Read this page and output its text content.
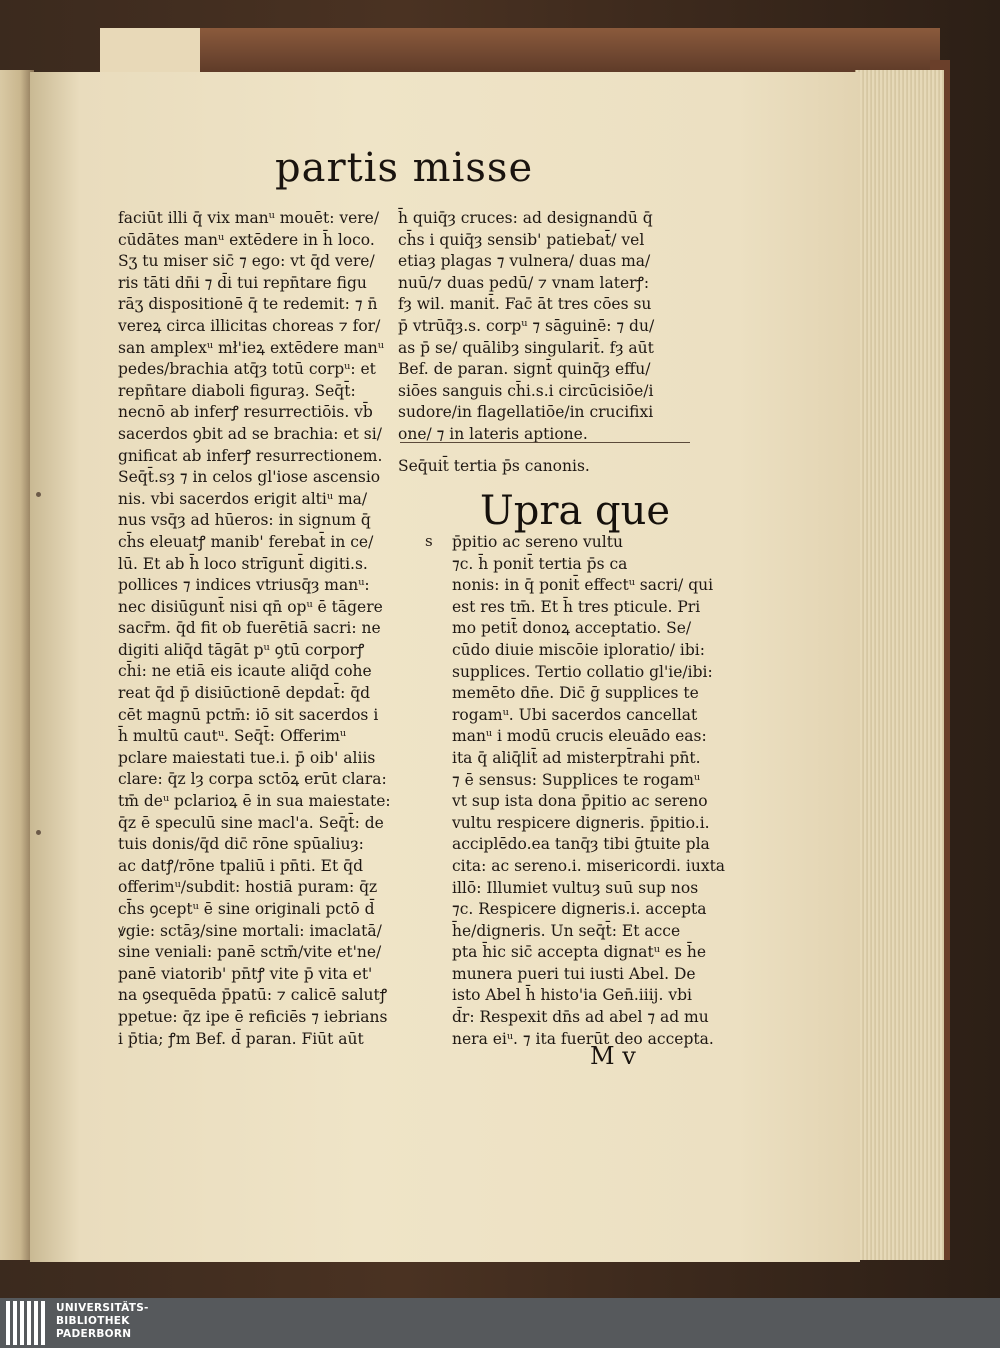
partis misse
faciūt illi q̄ vix manᵘ mouēt: vere/
cūdātes manᵘ extēdere in h̄ loco.
Sʒ tu miser sic̄ ⁊ ego: vt q̄d vere/
ris tāti dn̄i ⁊ d̄i tui repn̄tare figu
rāʒ dispositionē q̄ te redemit: ⁊ n̄
vereꝝ circa illicitas choreas ⁊ for/
san amplexᵘ mł'ieꝝ extēdere manᵘ
pedes/brachia atq̄ȝ totū corpᵘ: et
repn̄tare diaboli figuraȝ. Seq̄t̄:
necnō ab inferꝭ resurrectiōis. vb̄
sacerdos ꝯbit ad se brachia: et si/
gnificat ab inferꝭ resurrectionem.
Seq̄t̄.sȝ ⁊ in celos gl'iose ascensio
nis. vbi sacerdos erigit altiᵘ ma/
nus vsq̄ȝ ad hūeros: in signum q̄
ch̄s eleuatꝭ manib' ferebat̄ in ce/
lū. Et ab h̄ loco strīgunt̄ digiti.s.
pollices ⁊ indices vtriusq̄ȝ manᵘ:
nec disiūgunt̄ nisi qn̄ opᵘ ē tāgere
sacr̄m. q̄d fit ob fuerētiā sacri: ne
digiti aliq̄d tāgāt pᵘ ꝯtū corporꝭ
ch̄i: ne etiā eis icaute aliq̄d cohe
reat q̄d p̄ disiūctionē depdat̄: q̄d
cēt magnū pctm̄: iō sit sacerdos i
h̄ multū cautᵘ. Seq̄t̄: Offerimᵘ
pclare maiestati tue.i. p̄ oib' aliis
clare: q̄z lȝ corpa sctōꝝ erūt clara:
tm̄ deᵘ pclarioꝝ ē in sua maiestate:
q̄z ē speculū sine macl'a. Seq̄t̄: de
tuis donis/q̄d dic̄ rōne spūaliuȝ:
ac datꝭ/rōne tpaliū i pn̄ti. Et q̄d
offerimᵘ/subdit: hostiā puram: q̄z
ch̄s ꝯceptᵘ ē sine originali pctō d̄
ꝟgie: sctāȝ/sine mortali: imaclatā/
sine veniali: panē sctm̄/vite et'ne/
panē viatorib' pn̄tꝭ vite p̄ vita et'
na ꝯsequēda p̄patū: ⁊ calicē salutꝭ
ppetue: q̄z ipe ē reficiēs ⁊ iebrians
i p̄tia; ꝭm Bef. d̄ paran. Fiūt aūt
h̄ quiq̄ȝ cruces: ad designandū q̄
ch̄s i quiq̄ȝ sensib' patiebat̄/ vel
etiaȝ plagas ⁊ vulnera/ duas ma/
nuū/⁊ duas pedū/ ⁊ vnam laterꝭ:
fȝ wil. manit̄. Fac̄ āt tres cōes su
p̄ vtrūq̄ȝ.s. corpᵘ ⁊ sāguinē: ⁊ du/
as p̄ se/ quālibȝ singularit̄. fȝ aūt
Bef. de paran. signt̄ quinq̄ȝ effu/
siōes sanguis ch̄i.s.i circūcisiōe/i
sudore/in flagellatiōe/in crucifixi
one/ ⁊ in lateris aptione.
Seq̄uit̄ tertia p̄s canonis.
Upra que
s p̄pitio ac sereno vultu
⁊c. h̄ ponit̄ tertia p̄s ca
nonis: in q̄ ponit̄ effectᵘ sacri/ qui
est res tm̄. Et h̄ tres pticule. Pri
mo petit̄ donoꝝ acceptatio. Se/
cūdo diuie miscōie iploratio/ ibi:
supplices. Tertio collatio gl'ie/ibi:
memēto dn̄e. Dic̄ ḡ supplices te
rogamᵘ. Ubi sacerdos cancellat
manᵘ i modū crucis eleuādo eas:
ita q̄ aliq̄lit̄ ad misterpt̄rahi pn̄t.
⁊ ē sensus: Supplices te rogamᵘ
vt sup ista dona p̄pitio ac sereno
vultu respicere digneris. p̄pitio.i.
acciplēdo.ea tanq̄ȝ tibi ḡtuite pla
cita: ac sereno.i. misericordi. iuxta
illō: Illumiet vultuȝ suū sup nos
⁊c. Respicere digneris.i. accepta
h̄e/digneris. Un seq̄t̄: Et acce
pta h̄ic sic̄ accepta dignatᵘ es h̄e
munera pueri tui iusti Abel. De
isto Abel h̄ histo'ia Gen̄.iiij. vbi
d̄r: Respexit dn̄s ad abel ⁊ ad mu
nera eiᵘ. ⁊ ita fuerūt deo accepta.
M v
UNIVERSITÄTS-
BIBLIOTHEK
PADERBORN
